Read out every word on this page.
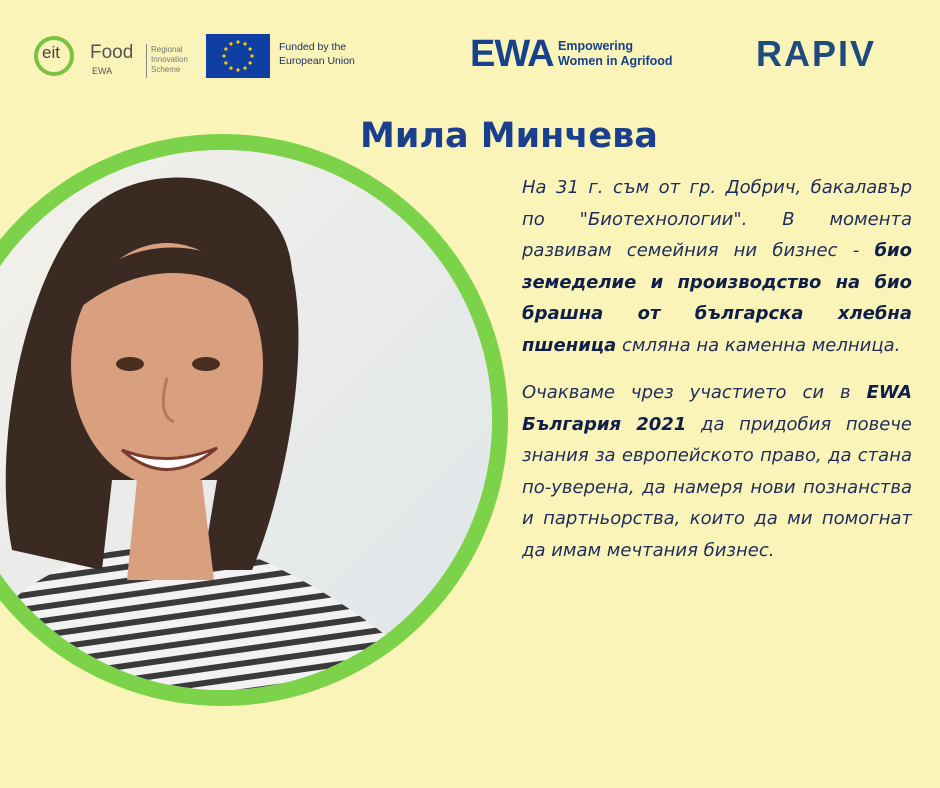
eit Food
EWA
Regional
Innovation
Scheme
Funded by the
European Union	EWA Empowering
Women in Agrifood	RAPIV
Мила Минчева

На 31 г. съм от гр. Добрич, бакалавър по "Биотехнологии". В момента развивам семейния ни бизнес - био земеделие и производство на био брашна от българска хлебна пшеница смляна на каменна мелница.

Очакваме чрез участието си в EWA България 2021 да придобия повече знания за европейското право, да стана по-уверена, да намеря нови познанства и партньорства, които да ми помогнат да имам мечтания бизнес.
